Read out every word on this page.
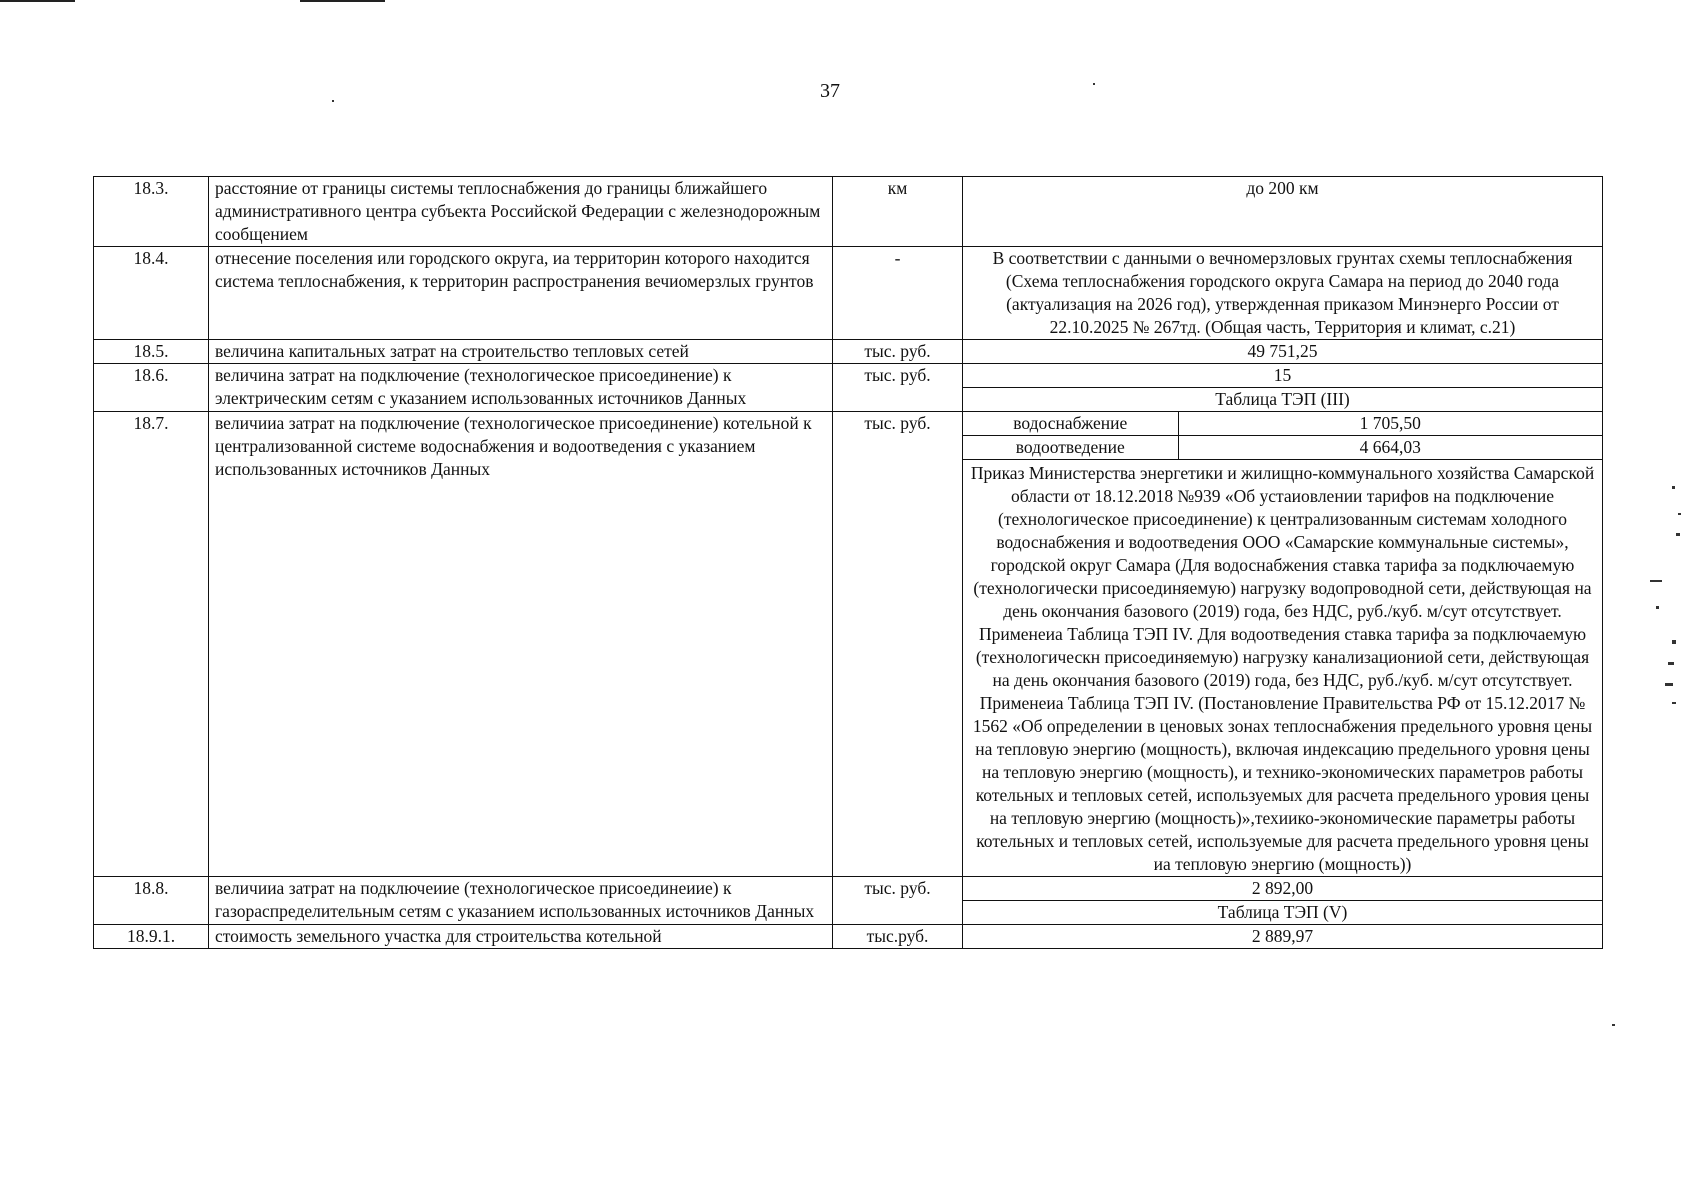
37
18.3.	расстояние от границы системы теплоснабжения до границы ближайшего административного центра субъекта Российской Федерации с железнодорожным сообщением	км	до 200 км

18.4.	отнесение поселения или городского округа, иа территорин которого находится система теплоснабжения, к территорин распространения вечиомерзлых грунтов	-	В соответствии с данными о вечномерзловых грунтах схемы теплоснабжения (Схема теплоснабжения городского округа Самара на период до 2040 года (актуализация на 2026 год), утвержденная приказом Минэнерго России от 22.10.2025 № 267тд. (Общая часть, Территория и климат, с.21)

18.5.	величина капитальных затрат на строительство тепловых сетей	тыс. руб.	49 751,25

18.6.	величина затрат на подключение (технологическое присоединение) к электрическим сетям с указанием использованных источников Данных	тыс. руб.	15
Таблица ТЭП (III)

18.7.	величииа затрат на подключение (технологическое присоединение) котельной к централизованной системе водоснабжения и водоотведения с указанием использованных источников Данных	тыс. руб.		водоснабжение	1 705,50
водоотведение	4 664,03
Приказ Министерства энергетики и жилищно-коммунального хозяйства Самарской области от 18.12.2018 №939 «Об устаиовлении тарифов на подключение (технологическое присоединение) к централизованным системам холодного водоснабжения и водоотведения ООО «Самарские коммунальные системы», городской округ Самара (Для водоснабжения ставка тарифа за подключаемую (технологически присоединяемую) нагрузку водопроводной сети, действующая на день окончания базового (2019) года, без НДС, руб./куб. м/сут отсутствует. Применеиа Таблица ТЭП IV. Для водоотведения ставка тарифа за подключаемую (технологическн присоединяемую) нагрузку канализациониой сети, действующая на день окончания базового (2019) года, без НДС, руб./куб. м/сут отсутствует. Применеиа Таблица ТЭП IV. (Постановление Правительства РФ от 15.12.2017 № 1562 «Об определении в ценовых зонах теплоснабжения предельного уровня цены на тепловую энергию (мощность), включая индексацию предельного уровня цены на тепловую энергию (мощность), и технико-экономических параметров работы котельных и тепловых сетей, используемых для расчета предельного уровия цены на тепловую энергию (мощность)»,техиико-экономические параметры работы котельных и тепловых сетей, используемые для расчета предельного уровня цены иа тепловую энергию (мощность))

18.8.	величииа затрат на подключеиие (технологическое присоединеиие) к газораспределительным сетям с указанием использованных источников Данных	тыс. руб.	2 892,00
Таблица ТЭП (V)

18.9.1.	стоимость земельного участка для строительства котельной	тыс.руб.	2 889,97
